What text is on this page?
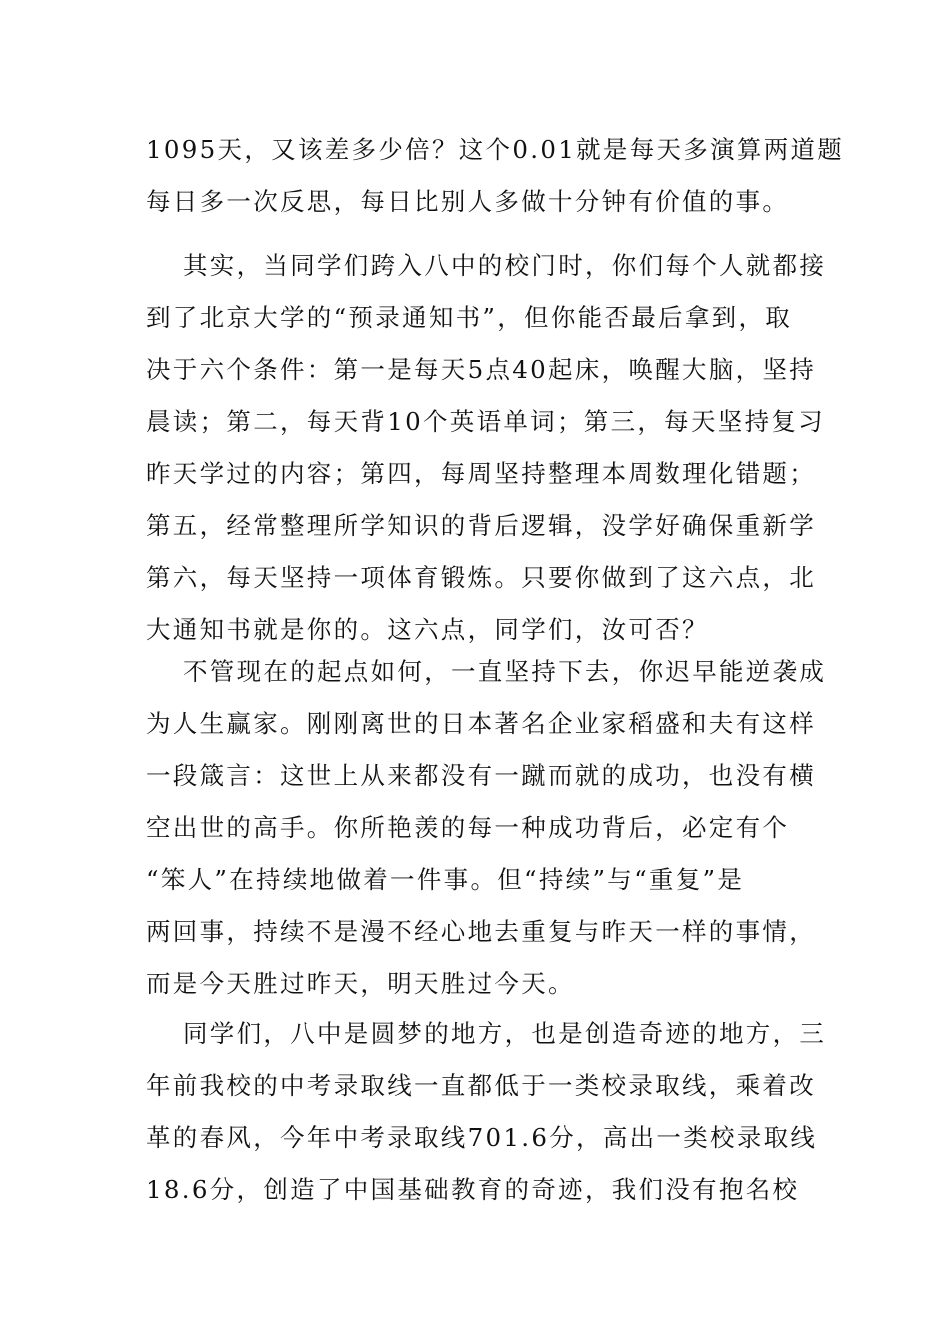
1095天，又该差多少倍？这个0.01就是每天多演算两道题
每日多一次反思，每日比别人多做十分钟有价值的事。
其实，当同学们跨入八中的校门时，你们每个人就都接
到了北京大学的“预录通知书”，但你能否最后拿到，取
决于六个条件：第一是每天5点40起床，唤醒大脑，坚持
晨读；第二，每天背10个英语单词；第三，每天坚持复习
昨天学过的内容；第四，每周坚持整理本周数理化错题；
第五，经常整理所学知识的背后逻辑，没学好确保重新学
第六，每天坚持一项体育锻炼。只要你做到了这六点，北
大通知书就是你的。这六点，同学们，汝可否？
不管现在的起点如何，一直坚持下去，你迟早能逆袭成
为人生赢家。刚刚离世的日本著名企业家稻盛和夫有这样
一段箴言：这世上从来都没有一蹴而就的成功，也没有横
空出世的高手。你所艳羡的每一种成功背后，必定有个
“笨人”在持续地做着一件事。但“持续”与“重复”是
两回事，持续不是漫不经心地去重复与昨天一样的事情，
而是今天胜过昨天，明天胜过今天。
同学们，八中是圆梦的地方，也是创造奇迹的地方，三
年前我校的中考录取线一直都低于一类校录取线，乘着改
革的春风，今年中考录取线701.6分，高出一类校录取线
18.6分，创造了中国基础教育的奇迹，我们没有抱名校
